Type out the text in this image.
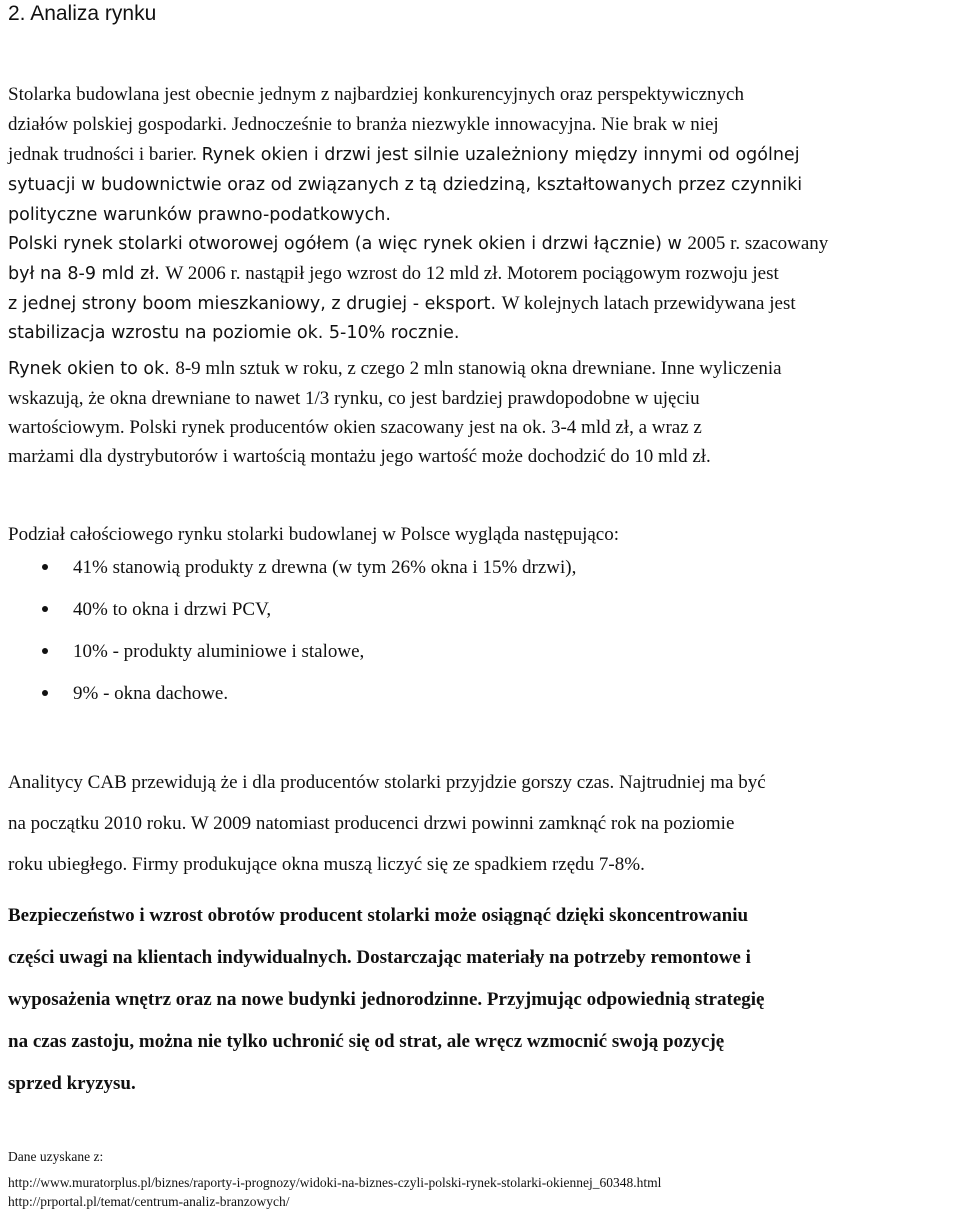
2. Analiza rynku
Stolarka budowlana jest obecnie jednym z najbardziej konkurencyjnych oraz perspektywicznych
działów polskiej gospodarki. Jednocześnie to branża niezwykle innowacyjna. Nie brak w niej
jednak trudności i barier. Rynek okien i drzwi jest silnie uzależniony między innymi od ogólnej
sytuacji w budownictwie oraz od związanych z tą dziedziną, kształtowanych przez czynniki
polityczne warunków prawno-podatkowych.
Polski rynek stolarki otworowej ogółem (a więc rynek okien i drzwi łącznie) w 2005 r. szacowany
był na 8-9 mld zł. W 2006 r. nastąpił jego wzrost do 12 mld zł. Motorem pociągowym rozwoju jest
z jednej strony boom mieszkaniowy, z drugiej - eksport. W kolejnych latach przewidywana jest
stabilizacja wzrostu na poziomie ok. 5-10% rocznie.
Rynek okien to ok. 8-9 mln sztuk w roku, z czego 2 mln stanowią okna drewniane. Inne wyliczenia
wskazują, że okna drewniane to nawet 1/3 rynku, co jest bardziej prawdopodobne w ujęciu
wartościowym. Polski rynek producentów okien szacowany jest na ok. 3-4 mld zł, a wraz z
marżami dla dystrybutorów i wartością montażu jego wartość może dochodzić do 10 mld zł.
Podział całościowego rynku stolarki budowlanej w Polsce wygląda następująco:
41% stanowią produkty z drewna (w tym 26% okna i 15% drzwi),
40% to okna i drzwi PCV,
10% - produkty aluminiowe i stalowe,
9% - okna dachowe.
Analitycy CAB przewidują że i dla producentów stolarki przyjdzie gorszy czas. Najtrudniej ma być
na początku 2010 roku. W 2009 natomiast producenci drzwi powinni zamknąć rok na poziomie
roku ubiegłego. Firmy produkujące okna muszą liczyć się ze spadkiem rzędu 7-8%.
Bezpieczeństwo i wzrost obrotów producent stolarki może osiągnąć dzięki skoncentrowaniu
części uwagi na klientach indywidualnych. Dostarczając materiały na potrzeby remontowe i
wyposażenia wnętrz oraz na nowe budynki jednorodzinne. Przyjmując odpowiednią strategię
na czas zastoju, można nie tylko uchronić się od strat, ale wręcz wzmocnić swoją pozycję
sprzed kryzysu.

Dane uzyskane z:

http://www.muratorplus.pl/biznes/raporty-i-prognozy/widoki-na-biznes-czyli-polski-rynek-stolarki-okiennej_60348.html
http://prportal.pl/temat/centrum-analiz-branzowych/
